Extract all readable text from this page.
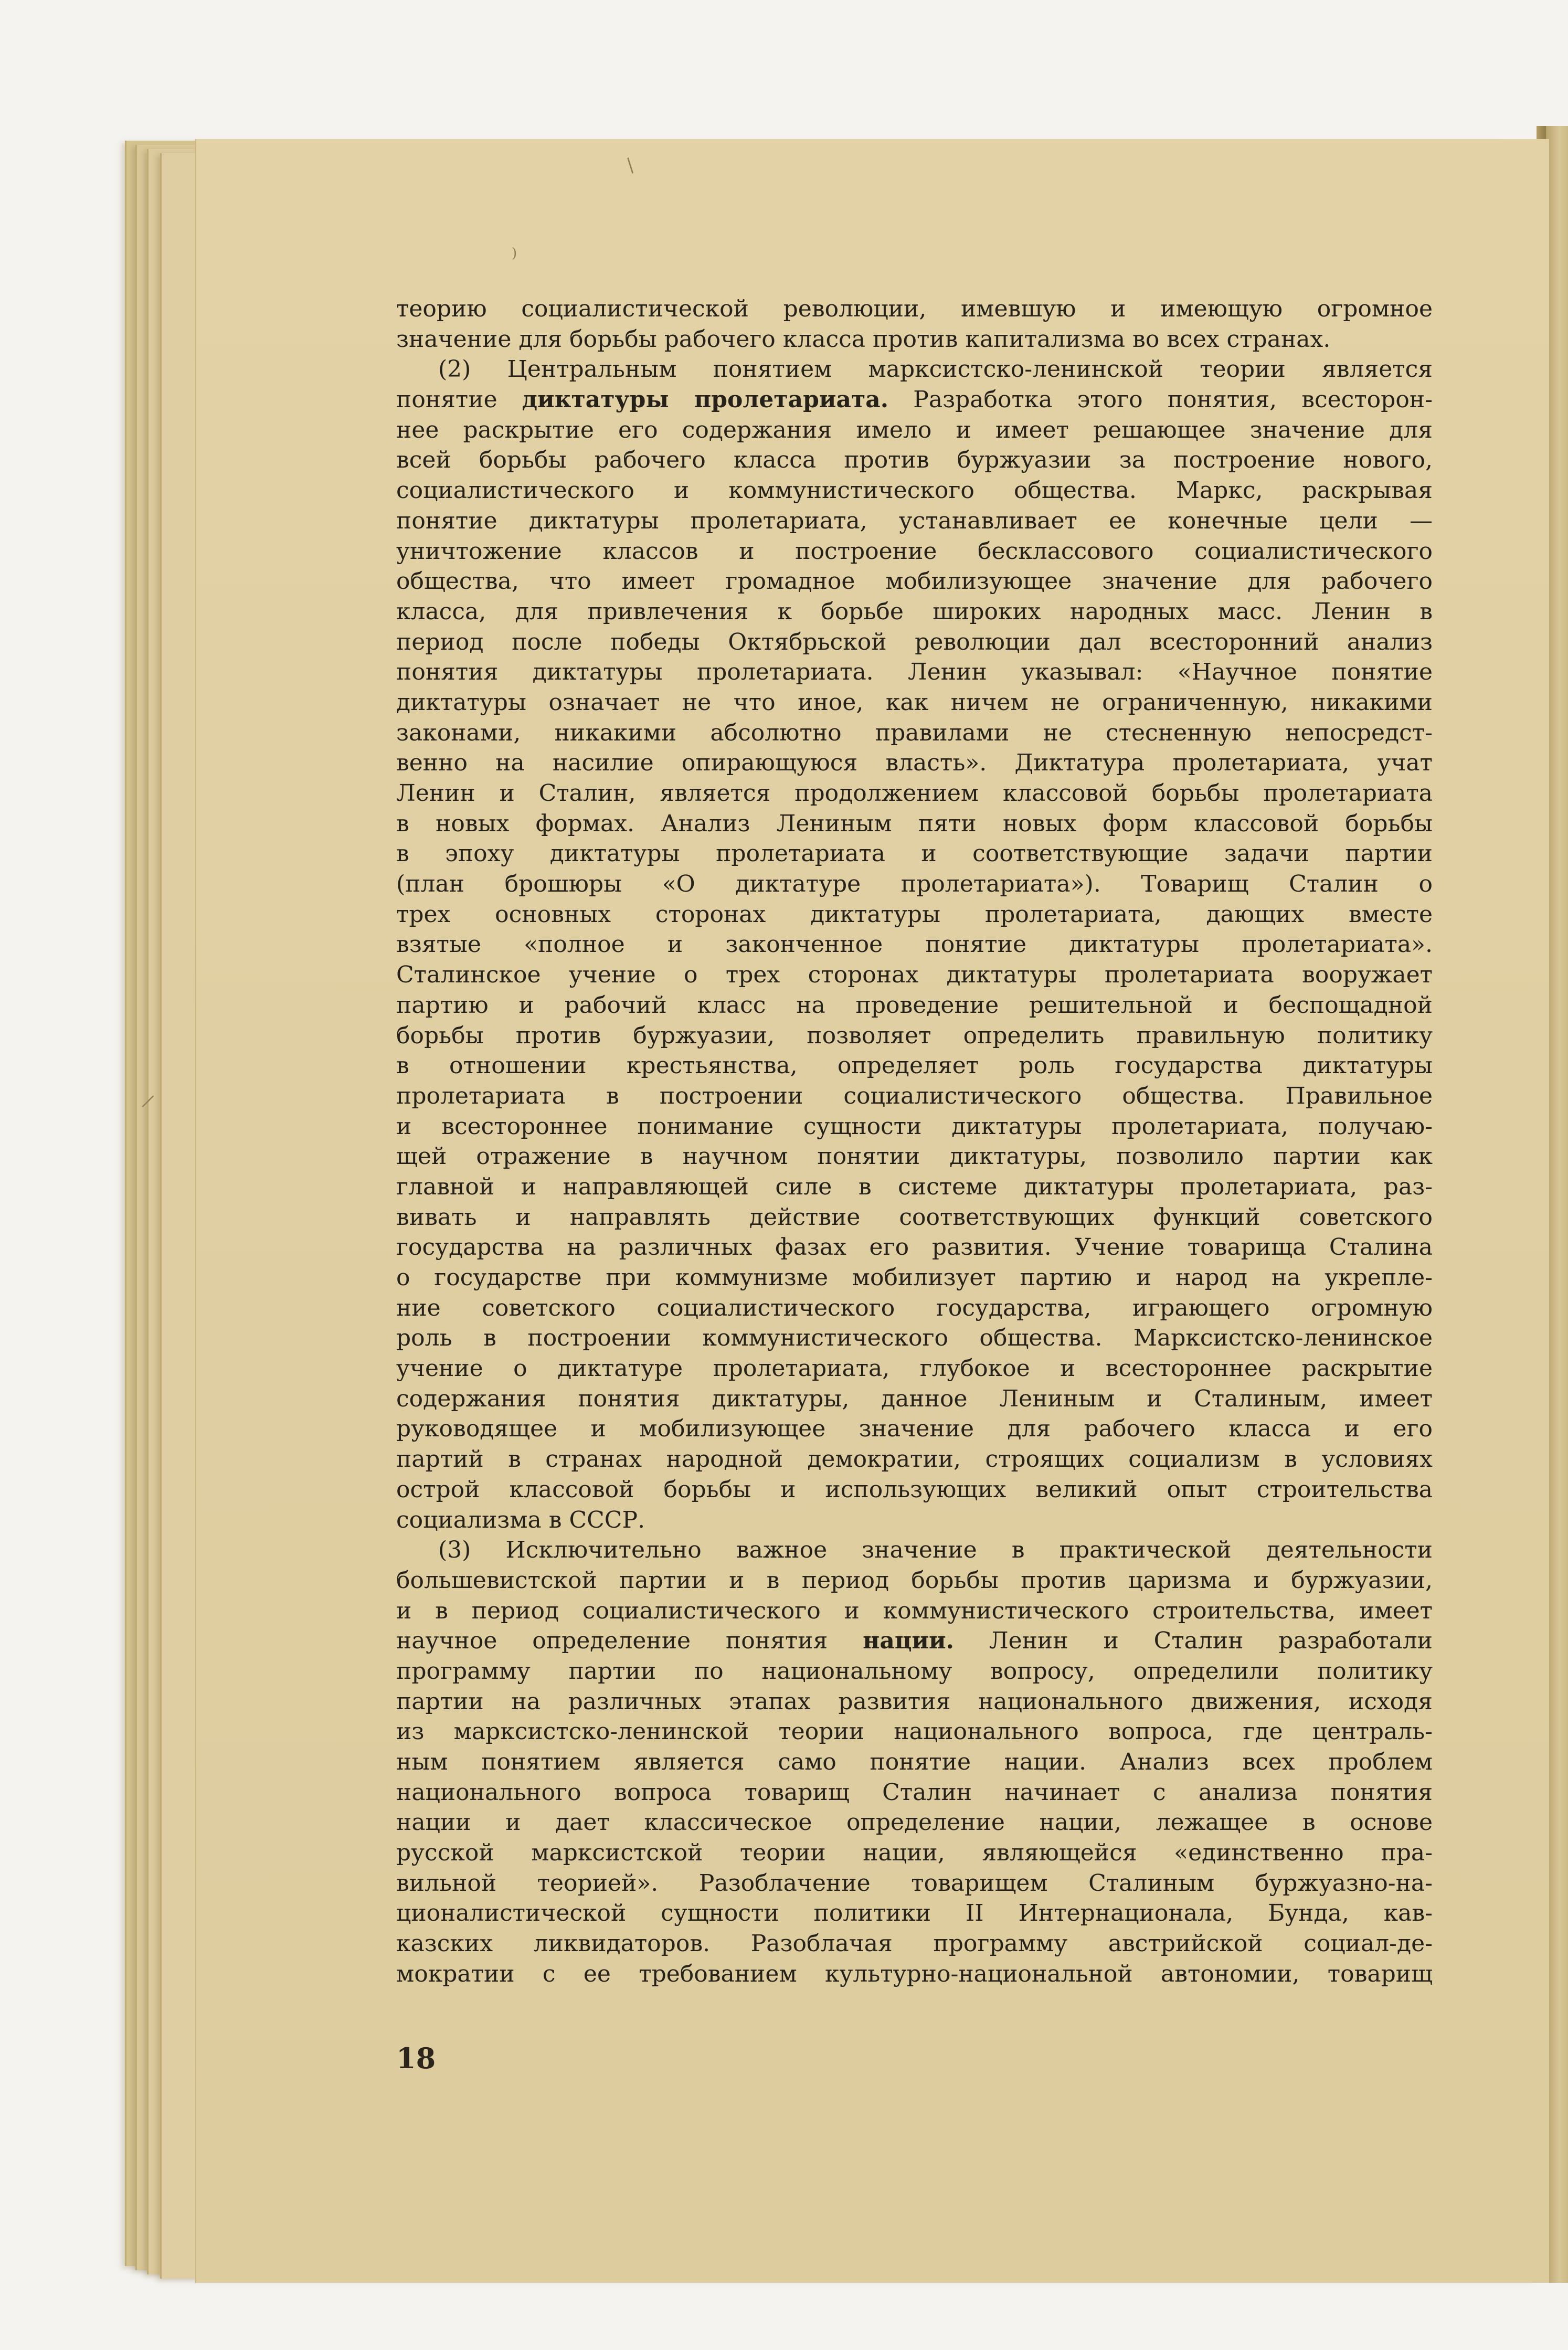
/
)
|
теорию социалистической революции, имевшую и имеющую огромное
значение для борьбы рабочего класса против капитализма во всех странах.
(2) Центральным понятием марксистско-ленинской теории является
понятие диктатуры пролетариата. Разработка этого понятия, всесторон-
нее раскрытие его содержания имело и имеет решающее значение для
всей борьбы рабочего класса против буржуазии за построение нового,
социалистического и коммунистического общества. Маркс, раскрывая
понятие диктатуры пролетариата, устанавливает ее конечные цели —
уничтожение классов и построение бесклассового социалистического
общества, что имеет громадное мобилизующее значение для рабочего
класса, для привлечения к борьбе широких народных масс. Ленин в
период после победы Октябрьской революции дал всесторонний анализ
понятия диктатуры пролетариата. Ленин указывал: «Научное понятие
диктатуры означает не что иное, как ничем не ограниченную, никакими
законами, никакими абсолютно правилами не стесненную непосредст-
венно на насилие опирающуюся власть». Диктатура пролетариата, учат
Ленин и Сталин, является продолжением классовой борьбы пролетариата
в новых формах. Анализ Лениным пяти новых форм классовой борьбы
в эпоху диктатуры пролетариата и соответствующие задачи партии
(план брошюры «О диктатуре пролетариата»). Товарищ Сталин о
трех основных сторонах диктатуры пролетариата, дающих вместе
взятые «полное и законченное понятие диктатуры пролетариата».
Сталинское учение о трех сторонах диктатуры пролетариата вооружает
партию и рабочий класс на проведение решительной и беспощадной
борьбы против буржуазии, позволяет определить правильную политику
в отношении крестьянства, определяет роль государства диктатуры
пролетариата в построении социалистического общества. Правильное
и всестороннее понимание сущности диктатуры пролетариата, получаю-
щей отражение в научном понятии диктатуры, позволило партии как
главной и направляющей силе в системе диктатуры пролетариата, раз-
вивать и направлять действие соответствующих функций советского
государства на различных фазах его развития. Учение товарища Сталина
о государстве при коммунизме мобилизует партию и народ на укрепле-
ние советского социалистического государства, играющего огромную
роль в построении коммунистического общества. Марксистско-ленинское
учение о диктатуре пролетариата, глубокое и всестороннее раскрытие
содержания понятия диктатуры, данное Лениным и Сталиным, имеет
руководящее и мобилизующее значение для рабочего класса и его
партий в странах народной демократии, строящих социализм в условиях
острой классовой борьбы и использующих великий опыт строительства
социализма в СССР.
(3) Исключительно важное значение в практической деятельности
большевистской партии и в период борьбы против царизма и буржуазии,
и в период социалистического и коммунистического строительства, имеет
научное определение понятия нации. Ленин и Сталин разработали
программу партии по национальному вопросу, определили политику
партии на различных этапах развития национального движения, исходя
из марксистско-ленинской теории национального вопроса, где централь-
ным понятием является само понятие нации. Анализ всех проблем
национального вопроса товарищ Сталин начинает с анализа понятия
нации и дает классическое определение нации, лежащее в основе
русской марксистской теории нации, являющейся «единственно пра-
вильной теорией». Разоблачение товарищем Сталиным буржуазно-на-
ционалистической сущности политики II Интернационала, Бунда, кав-
казских ликвидаторов. Разоблачая программу австрийской социал-де-
мократии с ее требованием культурно-национальной автономии, товарищ
18
